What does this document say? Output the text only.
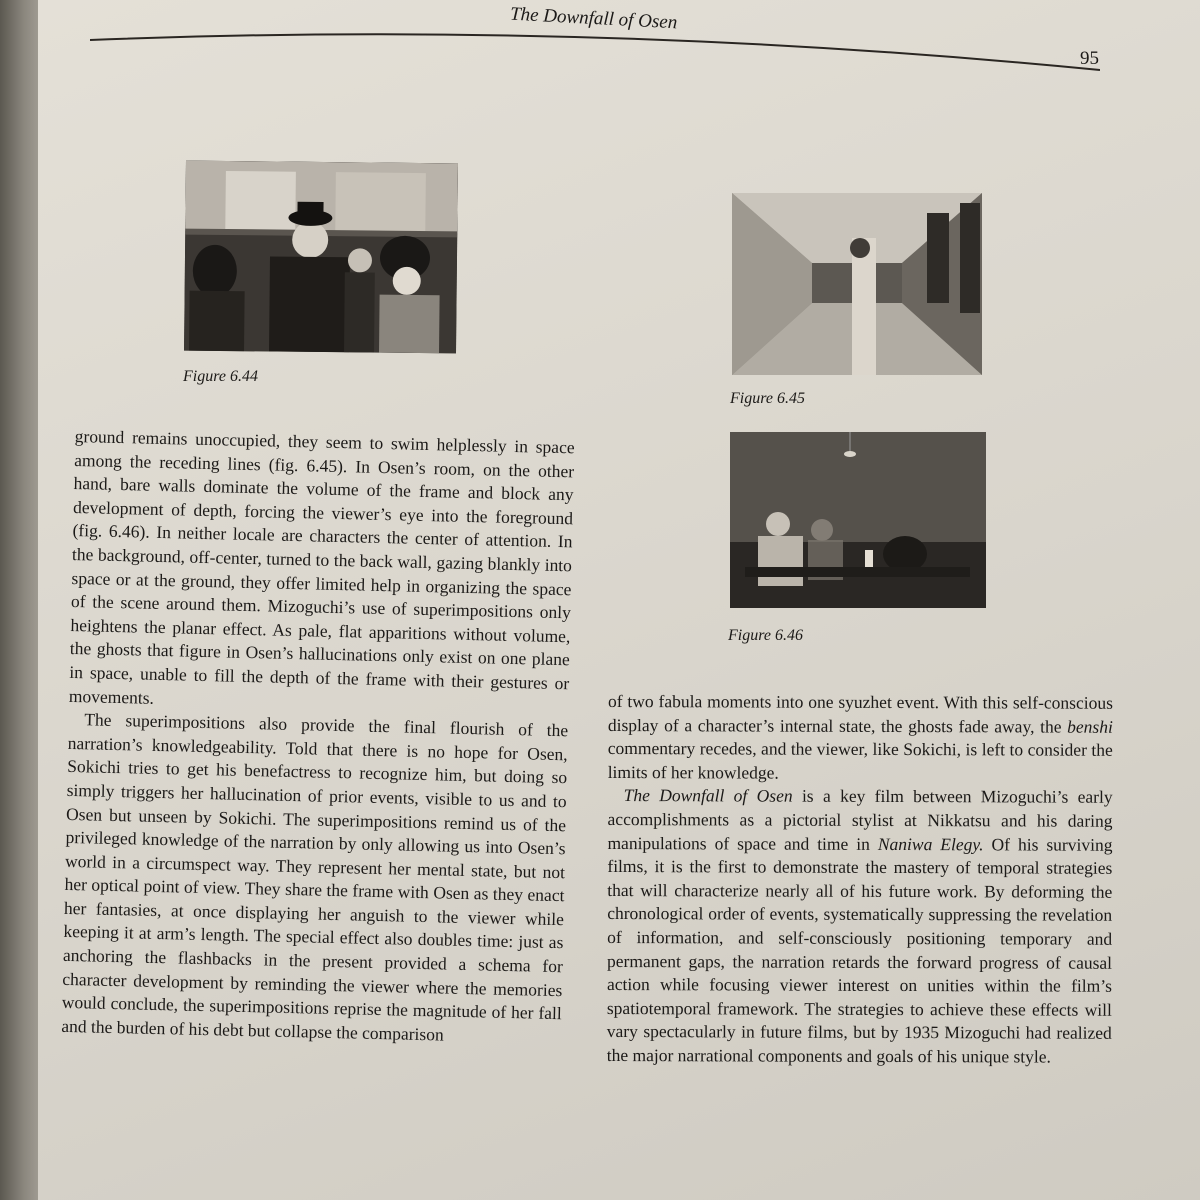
The Downfall of Osen
95
Figure 6.44
Figure 6.45
Figure 6.46

ground remains unoccupied, they seem to swim helplessly in space among the receding lines (fig. 6.45). In Osen’s room, on the other hand, bare walls dominate the volume of the frame and block any development of depth, forcing the viewer’s eye into the foreground (fig. 6.46). In neither locale are characters the center of attention. In the background, off-center, turned to the back wall, gazing blankly into space or at the ground, they offer limited help in organizing the space of the scene around them. Mizoguchi’s use of superimpositions only heightens the planar effect. As pale, flat apparitions without volume, the ghosts that figure in Osen’s hallucinations only exist on one plane in space, unable to fill the depth of the frame with their gestures or movements.

The superimpositions also provide the final flourish of the narration’s knowledgeability. Told that there is no hope for Osen, Sokichi tries to get his benefactress to recognize him, but doing so simply triggers her hallucination of prior events, visible to us and to Osen but unseen by Sokichi. The superimpositions remind us of the privileged knowledge of the narration by only allowing us into Osen’s world in a circumspect way. They represent her mental state, but not her optical point of view. They share the frame with Osen as they enact her fantasies, at once displaying her anguish to the viewer while keeping it at arm’s length. The special effect also doubles time: just as anchoring the flashbacks in the present provided a schema for character development by reminding the viewer where the memories would conclude, the superimpositions reprise the magnitude of her fall and the burden of his debt but collapse the comparison

of two fabula moments into one syuzhet event. With this self-conscious display of a character’s internal state, the ghosts fade away, the benshi commentary recedes, and the viewer, like Sokichi, is left to consider the limits of her knowledge.

The Downfall of Osen is a key film between Mizoguchi’s early accomplishments as a pictorial stylist at Nikkatsu and his daring manipulations of space and time in Naniwa Elegy. Of his surviving films, it is the first to demonstrate the mastery of temporal strategies that will characterize nearly all of his future work. By deforming the chronological order of events, systematically suppressing the revelation of information, and self-consciously positioning temporary and permanent gaps, the narration retards the forward progress of causal action while focusing viewer interest on unities within the film’s spatiotemporal framework. The strategies to achieve these effects will vary spectacularly in future films, but by 1935 Mizoguchi had realized the major narrational components and goals of his unique style.
